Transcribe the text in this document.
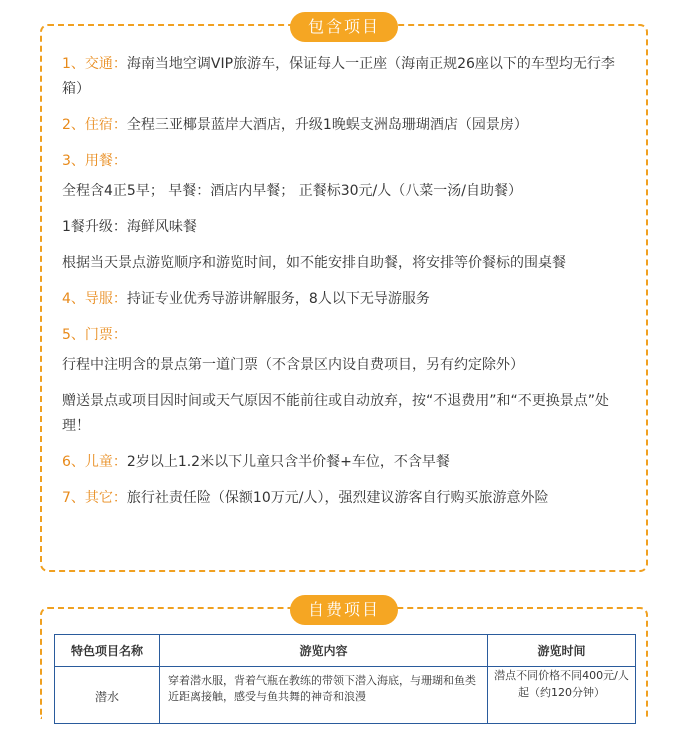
包含项目

1、交通：海南当地空调VIP旅游车，保证每人一正座（海南正规26座以下的车型均无行李箱）

2、住宿：全程三亚椰景蓝岸大酒店，升级1晚蜈支洲岛珊瑚酒店（园景房）

3、用餐：

全程含4正5早； 早餐：酒店内早餐； 正餐标30元/人（八菜一汤/自助餐）

1餐升级：海鲜风味餐

根据当天景点游览顺序和游览时间，如不能安排自助餐，将安排等价餐标的围桌餐

4、导服：持证专业优秀导游讲解服务，8人以下无导游服务

5、门票：

行程中注明含的景点第一道门票（不含景区内设自费项目，另有约定除外）

赠送景点或项目因时间或天气原因不能前往或自动放弃，按“不退费用”和“不更换景点”处理！

6、儿童：2岁以上1.2米以下儿童只含半价餐+车位，不含早餐

7、其它：旅行社责任险（保额10万元/人），强烈建议游客自行购买旅游意外险

自费项目
特色项目名称	游览内容	游览时间
潜水	穿着潜水服，背着气瓶在教练的带领下潜入海底，与珊瑚和鱼类近距离接触，感受与鱼共舞的神奇和浪漫	潜点不同价格不同400元/人起（约120分钟）
